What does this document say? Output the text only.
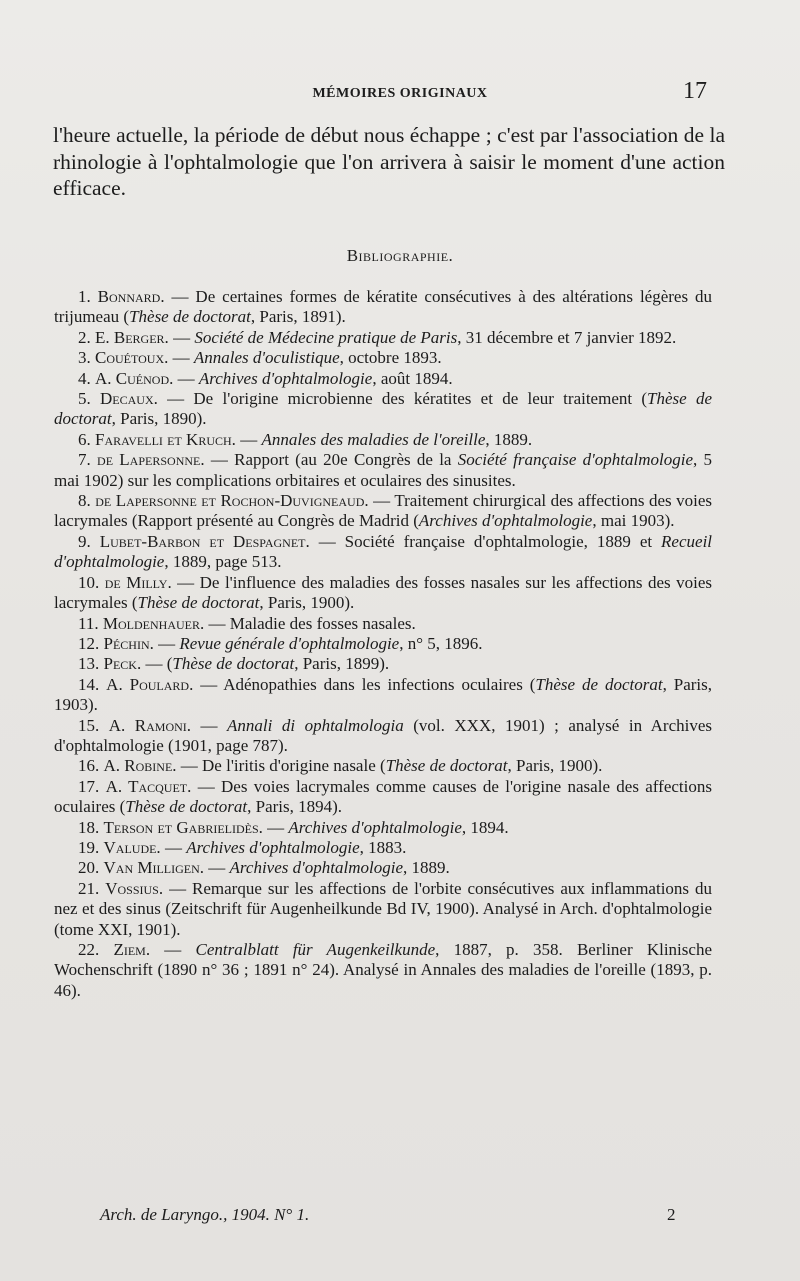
MÉMOIRES ORIGINAUX	17

l'heure actuelle, la période de début nous échappe ; c'est par l'association de la rhinologie à l'ophtalmologie que l'on arrivera à saisir le moment d'une action efficace.

Bibliographie.
1. Bonnard. — De certaines formes de kératite consécutives à des altérations légères du trijumeau (Thèse de doctorat, Paris, 1891).
2. E. Berger. — Société de Médecine pratique de Paris, 31 décembre et 7 janvier 1892.
3. Couétoux. — Annales d'oculistique, octobre 1893.
4. A. Cuénod. — Archives d'ophtalmologie, août 1894.
5. Decaux. — De l'origine microbienne des kératites et de leur traitement (Thèse de doctorat, Paris, 1890).
6. Faravelli et Kruch. — Annales des maladies de l'oreille, 1889.
7. de Lapersonne. — Rapport (au 20e Congrès de la Société française d'ophtalmologie, 5 mai 1902) sur les complications orbitaires et oculaires des sinusites.
8. de Lapersonne et Rochon-Duvigneaud. — Traitement chirurgical des affections des voies lacrymales (Rapport présenté au Congrès de Madrid (Archives d'ophtalmologie, mai 1903).
9. Lubet-Barbon et Despagnet. — Société française d'ophtalmologie, 1889 et Recueil d'ophtalmologie, 1889, page 513.
10. de Milly. — De l'influence des maladies des fosses nasales sur les affections des voies lacrymales (Thèse de doctorat, Paris, 1900).
11. Moldenhauer. — Maladie des fosses nasales.
12. Péchin. — Revue générale d'ophtalmologie, n° 5, 1896.
13. Peck. — (Thèse de doctorat, Paris, 1899).
14. A. Poulard. — Adénopathies dans les infections oculaires (Thèse de doctorat, Paris, 1903).
15. A. Ramoni. — Annali di ophtalmologia (vol. XXX, 1901) ; analysé in Archives d'ophtalmologie (1901, page 787).
16. A. Robine. — De l'iritis d'origine nasale (Thèse de doctorat, Paris, 1900).
17. A. Tacquet. — Des voies lacrymales comme causes de l'origine nasale des affections oculaires (Thèse de doctorat, Paris, 1894).
18. Terson et Gabrielidès. — Archives d'ophtalmologie, 1894.
19. Valude. — Archives d'ophtalmologie, 1883.
20. Van Milligen. — Archives d'ophtalmologie, 1889.
21. Vossius. — Remarque sur les affections de l'orbite consécutives aux inflammations du nez et des sinus (Zeitschrift für Augenheilkunde Bd IV, 1900). Analysé in Arch. d'ophtalmologie (tome XXI, 1901).
22. Ziem. — Centralblatt für Augenkeilkunde, 1887, p. 358. Berliner Klinische Wochenschrift (1890 n° 36 ; 1891 n° 24). Analysé in Annales des maladies de l'oreille (1893, p. 46).
Arch. de Laryngo., 1904. N° 1.	2
